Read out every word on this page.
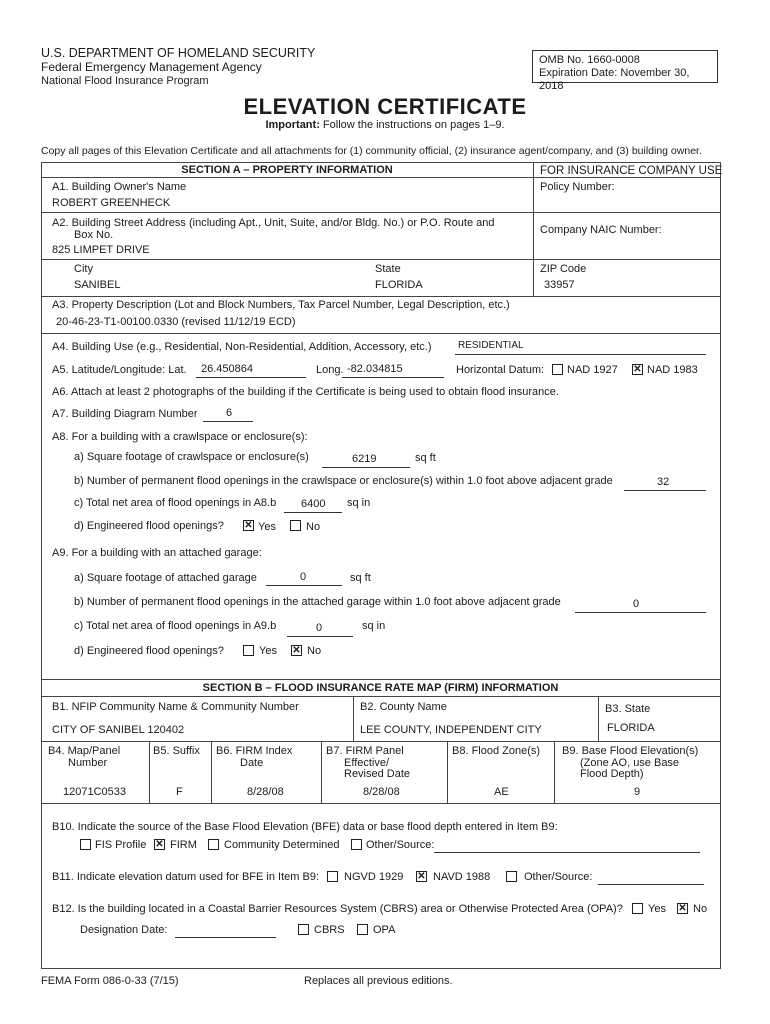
U.S. DEPARTMENT OF HOMELAND SECURITY
Federal Emergency Management Agency
National Flood Insurance Program
OMB No. 1660-0008
Expiration Date: November 30, 2018
ELEVATION CERTIFICATE
Important: Follow the instructions on pages 1–9.
Copy all pages of this Elevation Certificate and all attachments for (1) community official, (2) insurance agent/company, and (3) building owner.
SECTION A – PROPERTY INFORMATION	FOR INSURANCE COMPANY USE
A1. Building Owner's Name
ROBERT GREENHECK
Policy Number:
A2. Building Street Address (including Apt., Unit, Suite, and/or Bldg. No.) or P.O. Route and
Box No.
825 LIMPET DRIVE
Company NAIC Number:
City
SANIBEL
State
FLORIDA
ZIP Code
33957
A3. Property Description (Lot and Block Numbers, Tax Parcel Number, Legal Description, etc.)
20-46-23-T1-00100.0330 (revised 11/12/19 ECD)
A4. Building Use (e.g., Residential, Non-Residential, Addition, Accessory, etc.)	RESIDENTIAL
A5. Latitude/Longitude: Lat. 26.450864	Long. -82.034815	Horizontal Datum: NAD 1927 ✕	NAD 1983
A6. Attach at least 2 photographs of the building if the Certificate is being used to obtain flood insurance.
A7. Building Diagram Number	6
A8. For a building with a crawlspace or enclosure(s):
a) Square footage of crawlspace or enclosure(s)	6219	sq ft
b) Number of permanent flood openings in the crawlspace or enclosure(s) within 1.0 foot above adjacent grade	32
c) Total net area of flood openings in A8.b 6400 sq in
d) Engineered flood openings? ✕	Yes	No
A9. For a building with an attached garage:
a) Square footage of attached garage	0	sq ft
b) Number of permanent flood openings in the attached garage within 1.0 foot above adjacent grade	0
c) Total net area of flood openings in A9.b	0	sq in
d) Engineered flood openings?	Yes ✕	No
SECTION B – FLOOD INSURANCE RATE MAP (FIRM) INFORMATION
B1. NFIP Community Name & Community Number
CITY OF SANIBEL 120402
B2. County Name
LEE COUNTY, INDEPENDENT CITY
B3. State
FLORIDA
B4. Map/Panel
Number
12071C0533
B5. Suffix
F
B6. FIRM Index
Date
8/28/08
B7. FIRM Panel
Effective/
Revised Date
8/28/08
B8. Flood Zone(s)
AE
B9. Base Flood Elevation(s)
(Zone AO, use Base
Flood Depth)
9
B10. Indicate the source of the Base Flood Elevation (BFE) data or base flood depth entered in Item B9:
FIS Profile ✕ FIRM Community Determined Other/Source:
B11. Indicate elevation datum used for BFE in Item B9: NGVD 1929 ✕	NAVD 1988	Other/Source:
B12. Is the building located in a Coastal Barrier Resources System (CBRS) area or Otherwise Protected Area (OPA)? Yes ✕ No
Designation Date:	CBRS	OPA
FEMA Form 086-0-33 (7/15)	Replaces all previous editions.
